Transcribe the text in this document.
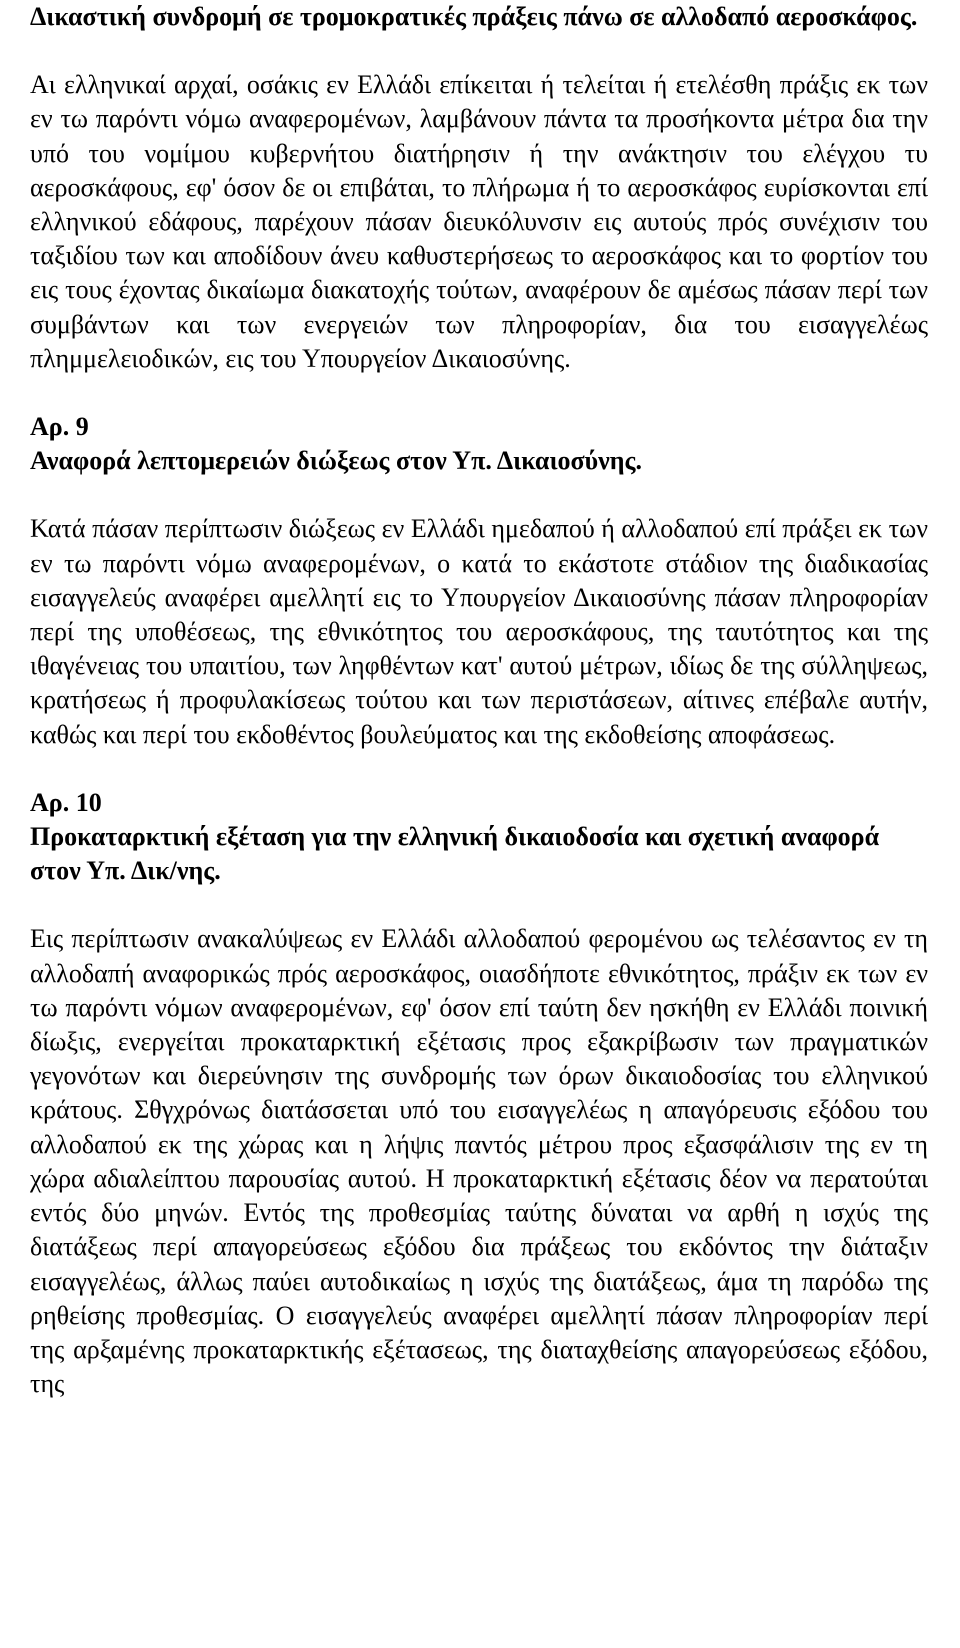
Δικαστική συνδρομή σε τρομοκρατικές πράξεις πάνω σε αλλοδαπό αεροσκάφος.

Αι ελληνικαί αρχαί, οσάκις εν Ελλάδι επίκειται ή τελείται ή ετελέσθη πράξις εκ των εν τω παρόντι νόμω αναφερομένων, λαμβάνουν πάντα τα προσήκοντα μέτρα δια την υπό του νομίμου κυβερνήτου διατήρησιν ή την ανάκτησιν του ελέγχου τυ αεροσκάφους, εφ' όσον δε οι επιβάται, το πλήρωμα ή το αεροσκάφος ευρίσκονται επί ελληνικού εδάφους, παρέχουν πάσαν διευκόλυνσιν εις αυτούς πρός συνέχισιν του ταξιδίου των και αποδίδουν άνευ καθυστερήσεως το αεροσκάφος και το φορτίον του εις τους έχοντας δικαίωμα διακατοχής τούτων, αναφέρουν δε αμέσως πάσαν περί των συμβάντων και των ενεργειών των πληροφορίαν, δια του εισαγγελέως πλημμελειοδικών, εις του Υπουργείον Δικαιοσύνης.

Αρ. 9
Αναφορά λεπτομερειών διώξεως στον Υπ. Δικαιοσύνης.

Κατά πάσαν περίπτωσιν διώξεως εν Ελλάδι ημεδαπού ή αλλοδαπού επί πράξει εκ των εν τω παρόντι νόμω αναφερομένων, ο κατά το εκάστοτε στάδιον της διαδικασίας εισαγγελεύς αναφέρει αμελλητί εις το Υπουργείον Δικαιοσύνης πάσαν πληροφορίαν περί της υποθέσεως, της εθνικότητος του αεροσκάφους, της ταυτότητος και της ιθαγένειας του υπαιτίου, των ληφθέντων κατ' αυτού μέτρων, ιδίως δε της σύλληψεως, κρατήσεως ή προφυλακίσεως τούτου και των περιστάσεων, αίτινες επέβαλε αυτήν, καθώς και περί του εκδοθέντος βουλεύματος και της εκδοθείσης αποφάσεως.

Αρ. 10
Προκαταρκτική εξέταση για την ελληνική δικαιοδοσία και σχετική αναφορά στον Υπ. Δικ/νης.

Εις περίπτωσιν ανακαλύψεως εν Ελλάδι αλλοδαπού φερομένου ως τελέσαντος εν τη αλλοδαπή αναφορικώς πρός αεροσκάφος, οιασδήποτε εθνικότητος, πράξιν εκ των εν τω παρόντι νόμων αναφερομένων, εφ' όσον επί ταύτη δεν ησκήθη εν Ελλάδι ποινική δίωξις, ενεργείται προκαταρκτική εξέτασις προς εξακρίβωσιν των πραγματικών γεγονότων και διερεύνησιν της συνδρομής των όρων δικαιοδοσίας του ελληνικού κράτους. Σθγχρόνως διατάσσεται υπό του εισαγγελέως η απαγόρευσις εξόδου του αλλοδαπού εκ της χώρας και η λήψις παντός μέτρου προς εξασφάλισιν της εν τη χώρα αδιαλείπτου παρουσίας αυτού. Η προκαταρκτική εξέτασις δέον να περατούται εντός δύο μηνών. Εντός της προθεσμίας ταύτης δύναται να αρθή η ισχύς της διατάξεως περί απαγορεύσεως εξόδου δια πράξεως του εκδόντος την διάταξιν εισαγγελέως, άλλως παύει αυτοδικαίως η ισχύς της διατάξεως, άμα τη παρόδω της ρηθείσης προθεσμίας. Ο εισαγγελεύς αναφέρει αμελλητί πάσαν πληροφορίαν περί της αρξαμένης προκαταρκτικής εξέτασεως, της διαταχθείσης απαγορεύσεως εξόδου, της
